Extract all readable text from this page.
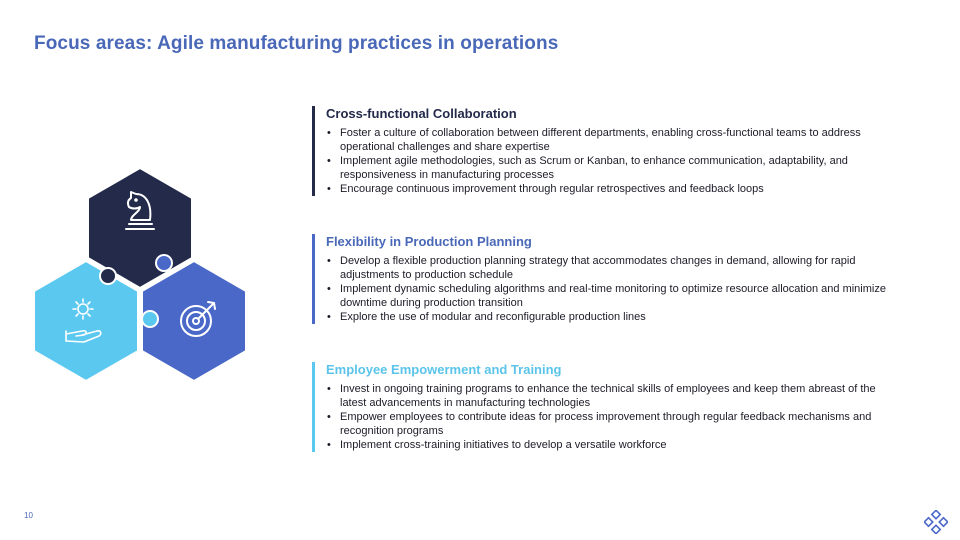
Focus areas: Agile manufacturing practices in operations
Cross-functional Collaboration
• Foster a culture of collaboration between different departments, enabling cross-functional teams to address operational challenges and share expertise
• Implement agile methodologies, such as Scrum or Kanban, to enhance communication, adaptability, and responsiveness in manufacturing processes
• Encourage continuous improvement through regular retrospectives and feedback loops
Flexibility in Production Planning
• Develop a flexible production planning strategy that accommodates changes in demand, allowing for rapid adjustments to production schedule
• Implement dynamic scheduling algorithms and real-time monitoring to optimize resource allocation and minimize downtime during production transition
• Explore the use of modular and reconfigurable production lines
Employee Empowerment and Training
• Invest in ongoing training programs to enhance the technical skills of employees and keep them abreast of the latest advancements in manufacturing technologies
• Empower employees to contribute ideas for process improvement through regular feedback mechanisms and recognition programs
• Implement cross-training initiatives to develop a versatile workforce
10
